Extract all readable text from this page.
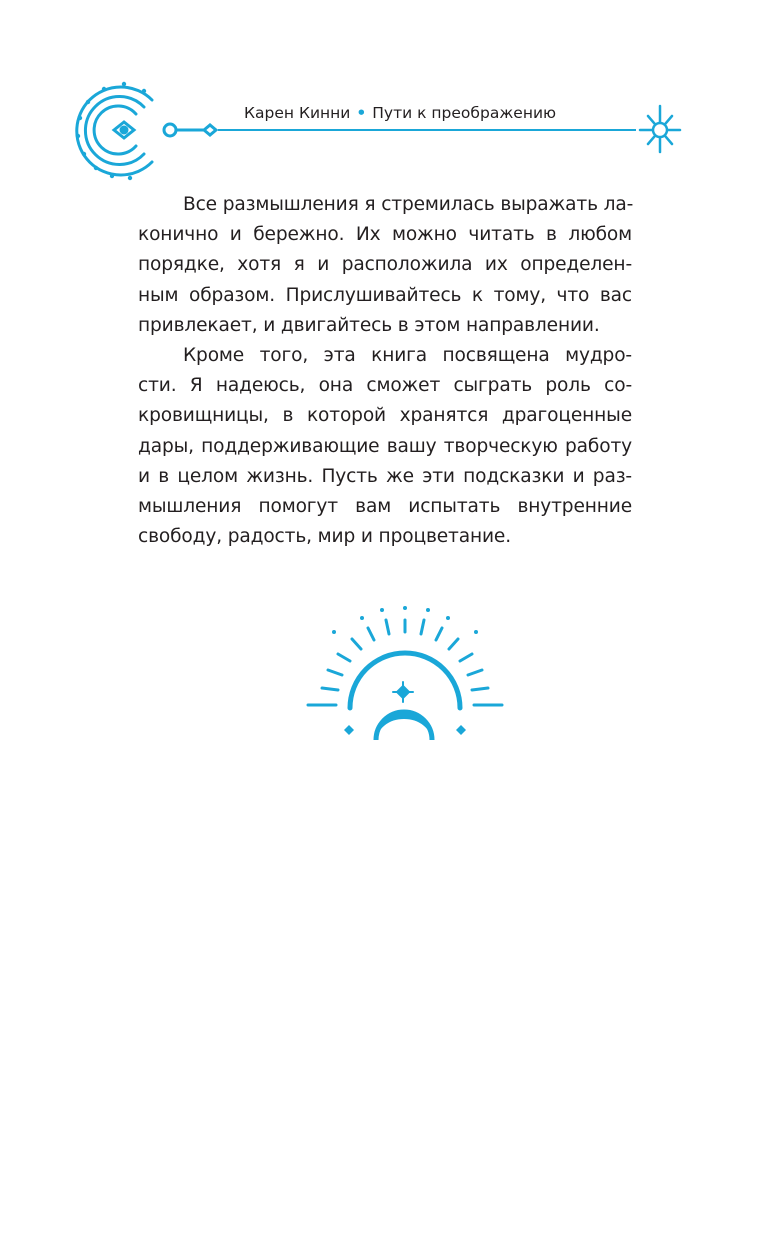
Карен Кинни • Пути к преображению
Все размышления я стремилась выражать ла-
конично и бережно. Их можно читать в любом
порядке, хотя я и расположила их определен-
ным образом. Прислушивайтесь к тому, что вас
привлекает, и двигайтесь в этом направлении.
Кроме того, эта книга посвящена мудро-
сти. Я надеюсь, она сможет сыграть роль со-
кровищницы, в которой хранятся драгоценные
дары, поддерживающие вашу творческую работу
и в целом жизнь. Пусть же эти подсказки и раз-
мышления помогут вам испытать внутренние
свободу, радость, мир и процветание.
